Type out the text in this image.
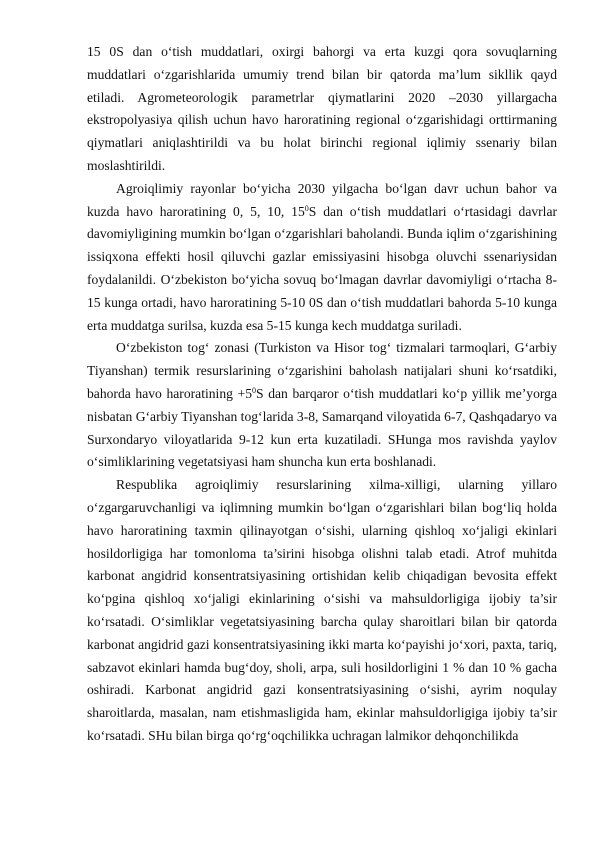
15 0S dan o‘tish muddatlari, oxirgi bahorgi va erta kuzgi qora sovuqlarning muddatlari o‘zgarishlarida umumiy trend bilan bir qatorda ma’lum sikllik qayd etiladi. Agrometeorologik parametrlar qiymatlarini 2020 –2030 yillargacha ekstropolyasiya qilish uchun havo haroratining regional o‘zgarishidagi orttirmaning qiymatlari aniqlashtirildi va bu holat birinchi regional iqlimiy ssenariy bilan moslashtirildi.

Agroiqlimiy rayonlar bo‘yicha 2030 yilgacha bo‘lgan davr uchun bahor va kuzda havo haroratining 0, 5, 10, $15^0S$ dan o‘tish muddatlari o‘rtasidagi davrlar davomiyligining mumkin bo‘lgan o‘zgarishlari baholandi. Bunda iqlim o‘zgarishining issiqxona effekti hosil qiluvchi gazlar emissiyasini hisobga oluvchi ssenariysidan foydalanildi. O‘zbekiston bo‘yicha sovuq bo‘lmagan davrlar davomiyligi o‘rtacha 8-15 kunga ortadi, havo haroratining 5-10 0S dan o‘tish muddatlari bahorda 5-10 kunga erta muddatga surilsa, kuzda esa 5-15 kunga kech muddatga suriladi.

O‘zbekiston tog‘ zonasi (Turkiston va Hisor tog‘ tizmalari tarmoqlari, G‘arbiy Tiyanshan) termik resurslarining o‘zgarishini baholash natijalari shuni ko‘rsatdiki, bahorda havo haroratining $+5^0S$ dan barqaror o‘tish muddatlari ko‘p yillik me’yorga nisbatan G‘arbiy Tiyanshan tog‘larida 3-8, Samarqand viloyatida 6-7, Qashqadaryo va Surxondaryo viloyatlarida 9-12 kun erta kuzatiladi. SHunga mos ravishda yaylov o‘simliklarining vegetatsiyasi ham shuncha kun erta boshlanadi.

Respublika agroiqlimiy resurslarining xilma-xilligi, ularning yillaro o‘zgargaruvchanligi va iqlimning mumkin bo‘lgan o‘zgarishlari bilan bog‘liq holda havo haroratining taxmin qilinayotgan o‘sishi, ularning qishloq xo‘jaligi ekinlari hosildorligiga har tomonloma ta’sirini hisobga olishni talab etadi. Atrof muhitda karbonat angidrid konsentratsiyasining ortishidan kelib chiqadigan bevosita effekt ko‘pgina qishloq xo‘jaligi ekinlarining o‘sishi va mahsuldorligiga ijobiy ta’sir ko‘rsatadi. O‘simliklar vegetatsiyasining barcha qulay sharoitlari bilan bir qatorda karbonat angidrid gazi konsentratsiyasining ikki marta ko‘payishi jo‘xori, paxta, tariq, sabzavot ekinlari hamda bug‘doy, sholi, arpa, suli hosildorligini 1 % dan 10 % gacha oshiradi. Karbonat angidrid gazi konsentratsiyasining o‘sishi, ayrim noqulay sharoitlarda, masalan, nam etishmasligida ham, ekinlar mahsuldorligiga ijobiy ta’sir ko‘rsatadi. SHu bilan birga qo‘rg‘oqchilikka uchragan lalmikor dehqonchilikda
